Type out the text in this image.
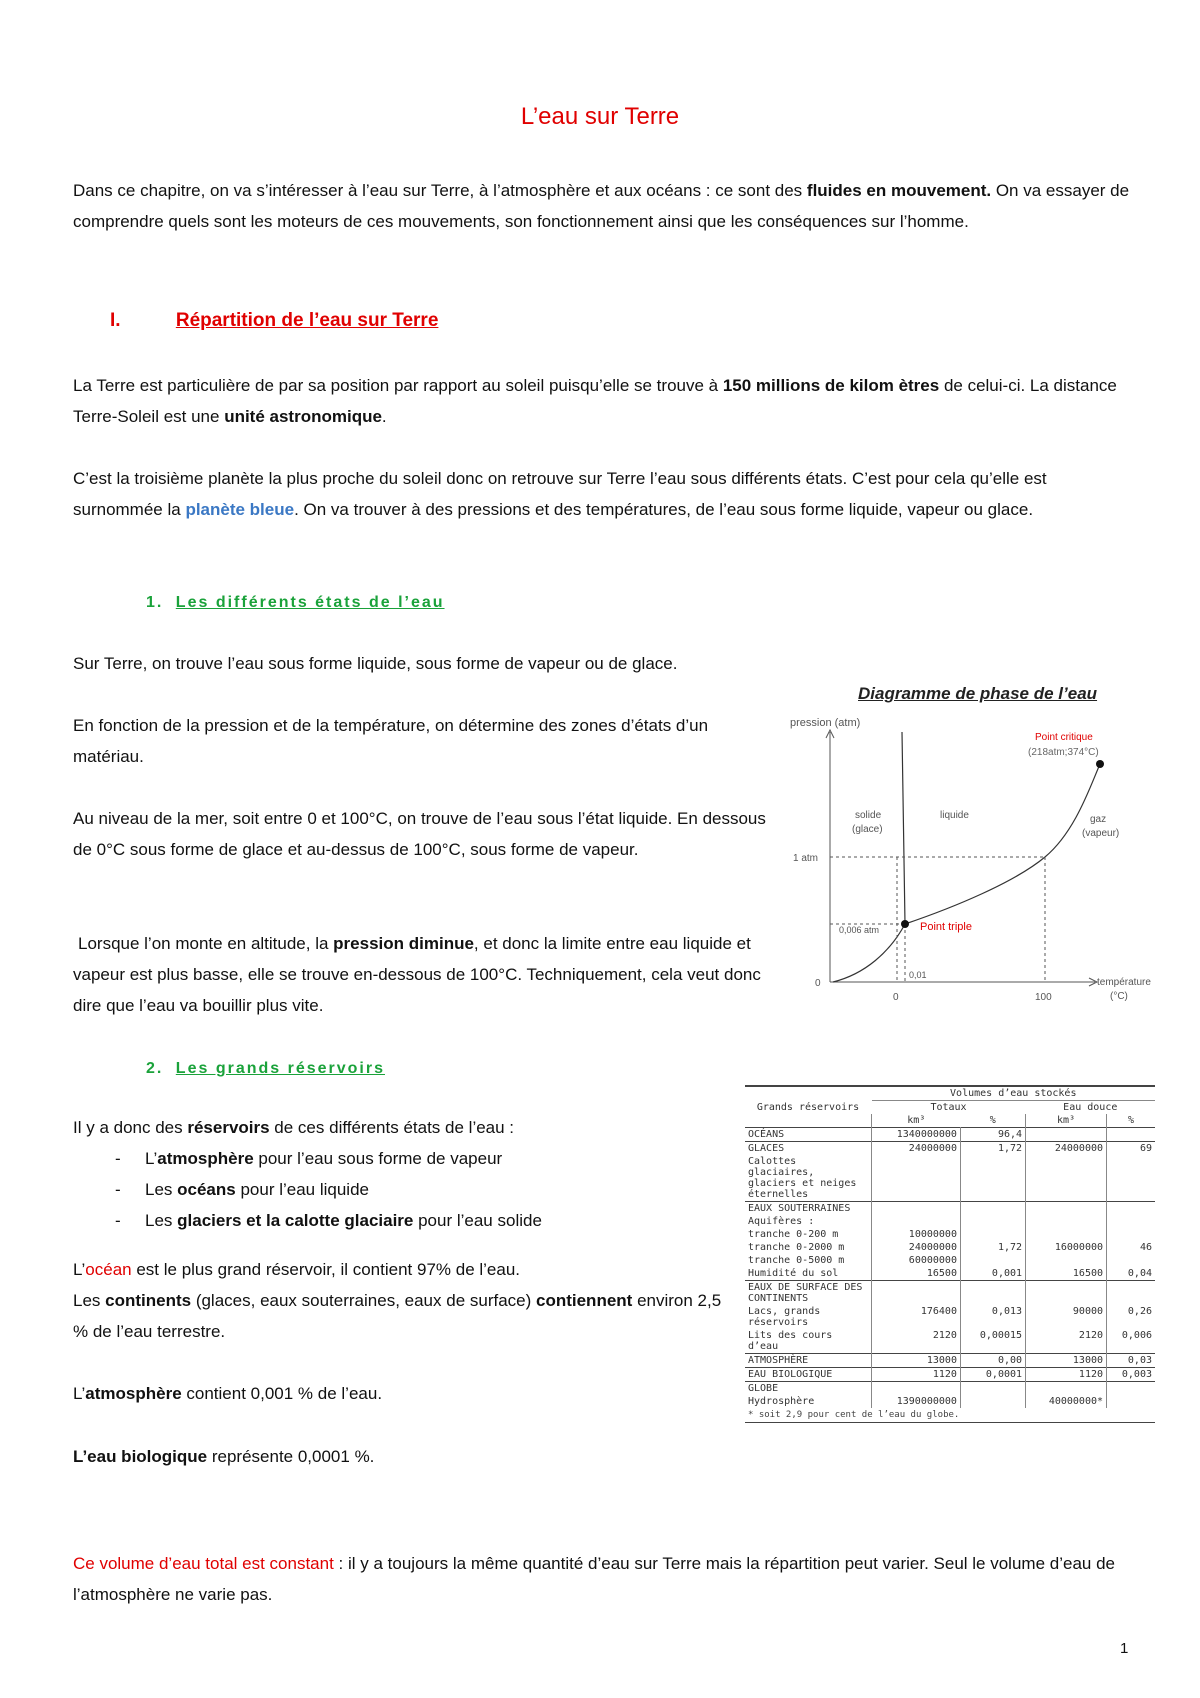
L’eau sur Terre
Dans ce chapitre, on va s’intéresser à l’eau sur Terre, à l’atmosphère et aux océans : ce sont des fluides en mouvement. On va essayer de comprendre quels sont les moteurs de ces mouvements, son fonctionnement ainsi que les conséquences sur l’homme.
I.	Répartition de l’eau sur Terre
La Terre est particulière de par sa position par rapport au soleil puisqu’elle se trouve à 150 millions de kilom ètres de celui-ci. La distance Terre-Soleil est une unité astronomique.
C’est la troisième planète la plus proche du soleil donc on retrouve sur Terre l’eau sous différents états. C’est pour cela qu’elle est surnommée la planète bleue. On va trouver à des pressions et des températures, de l’eau sous forme liquide, vapeur ou glace.
1. Les différents états de l’eau
Sur Terre, on trouve l’eau sous forme liquide, sous forme de vapeur ou de glace.
En fonction de la pression et de la température, on détermine des zones d’états d’un matériau.
Au niveau de la mer, soit entre 0 et 100°C, on trouve de l’eau sous l’état liquide. En dessous de 0°C sous forme de glace et au-dessus de 100°C, sous forme de vapeur.
Lorsque l’on monte en altitude, la pression diminue, et donc la limite entre eau liquide et vapeur est plus basse, elle se trouve en-dessous de 100°C. Techniquement, cela veut donc dire que l’eau va bouillir plus vite.
Diagramme de phase de l’eau
pression (atm)
Point critique
(218atm;374°C)
solide
(glace)
liquide	gaz
(vapeur)
1 atm
0,006 atm	Point triple
0
0,01
0	100
température
(°C)
2. Les grands réservoirs
Il y a donc des réservoirs de ces différents états de l’eau :
- L’atmosphère pour l’eau sous forme de vapeur
- Les océans pour l’eau liquide
- Les glaciers et la calotte glaciaire pour l’eau solide
L’océan est le plus grand réservoir, il contient 97% de l’eau.
Les continents (glaces, eaux souterraines, eaux de surface) contiennent environ 2,5 % de l’eau terrestre.
L’atmosphère contient 0,001 % de l’eau.
L’eau biologique représente 0,0001 %.
	Volumes d’eau stockés			
Grands réservoirs	Totaux		Eau douce	
	km³	%	km³	%
OCÉANS	1340000000	96,4		
GLACES	24000000	1,72	24000000	69
Calottes glaciaires, glaciers et neiges éternelles				
EAUX SOUTERRAINES				
Aquifères :				
tranche 0-200 m	10000000			
tranche 0-2000 m	24000000	1,72	16000000	46
tranche 0-5000 m	60000000			
Humidité du sol	16500	0,001	16500	0,04
EAUX DE SURFACE DES CONTINENTS				
Lacs, grands réservoirs	176400	0,013	90000	0,26
Lits des cours d’eau	2120	0,00015	2120	0,006
ATMOSPHÈRE	13000	0,00	13000	0,03
EAU BIOLOGIQUE	1120	0,0001	1120	0,003
GLOBE				
Hydrosphère	1390000000		40000000*	
* soit 2,9 pour cent de l’eau du globe.
Ce volume d’eau total est constant : il y a toujours la même quantité d’eau sur Terre mais la répartition peut varier. Seul le volume d’eau de l’atmosphère ne varie pas.
1
